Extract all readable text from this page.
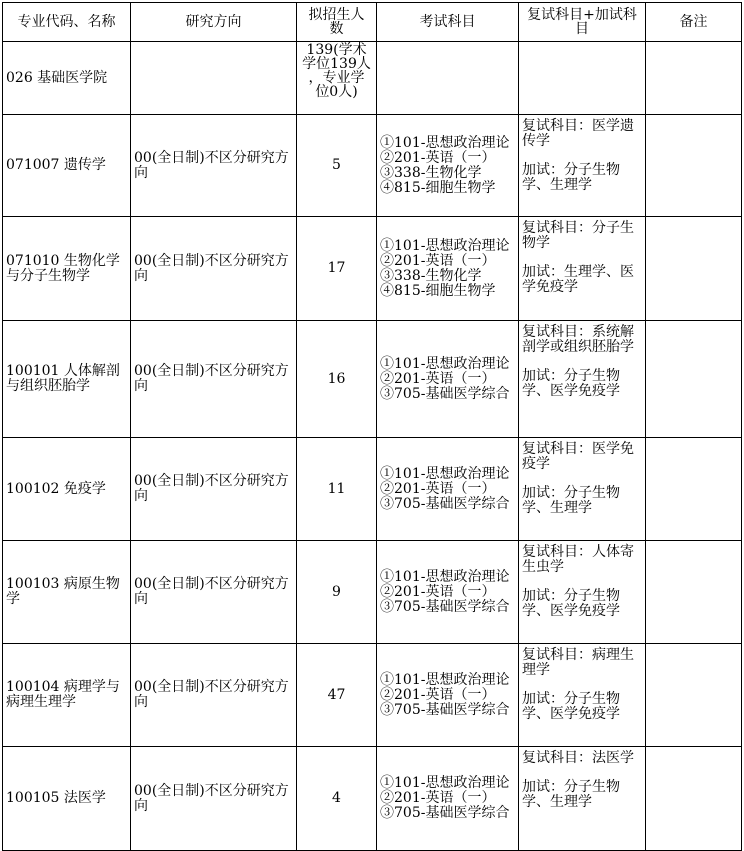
专业代码、名称	研究方向	拟招生人数	考试科目	复试科目+加试科目	备注
026 基础医学院		139(学术
学位139人
，专业学
位0人)			

071007 遗传学	00(全日制)不区分研究方向	5	①101-思想政治理论
②201-英语（一）
③338-生物化学
④815-细胞生物学	复试科目：医学遗传学
加试：分子生物学、生理学	

071010 生物化学与分子生物学	00(全日制)不区分研究方向	17	①101-思想政治理论
②201-英语（一）
③338-生物化学
④815-细胞生物学	复试科目：分子生物学
加试：生理学、医学免疫学	

100101 人体解剖与组织胚胎学	00(全日制)不区分研究方向	16	①101-思想政治理论
②201-英语（一）
③705-基础医学综合	复试科目：系统解剖学或组织胚胎学
加试：分子生物学、医学免疫学	

100102 免疫学	00(全日制)不区分研究方向	11	①101-思想政治理论
②201-英语（一）
③705-基础医学综合	复试科目：医学免疫学
加试：分子生物学、生理学	

100103 病原生物学	00(全日制)不区分研究方向	9	①101-思想政治理论
②201-英语（一）
③705-基础医学综合	复试科目：人体寄生虫学
加试：分子生物学、医学免疫学	

100104 病理学与病理生理学	00(全日制)不区分研究方向	47	①101-思想政治理论
②201-英语（一）
③705-基础医学综合	复试科目：病理生理学
加试：分子生物学、医学免疫学	

100105 法医学	00(全日制)不区分研究方向	4	①101-思想政治理论
②201-英语（一）
③705-基础医学综合	复试科目：法医学
加试：分子生物学、生理学	
